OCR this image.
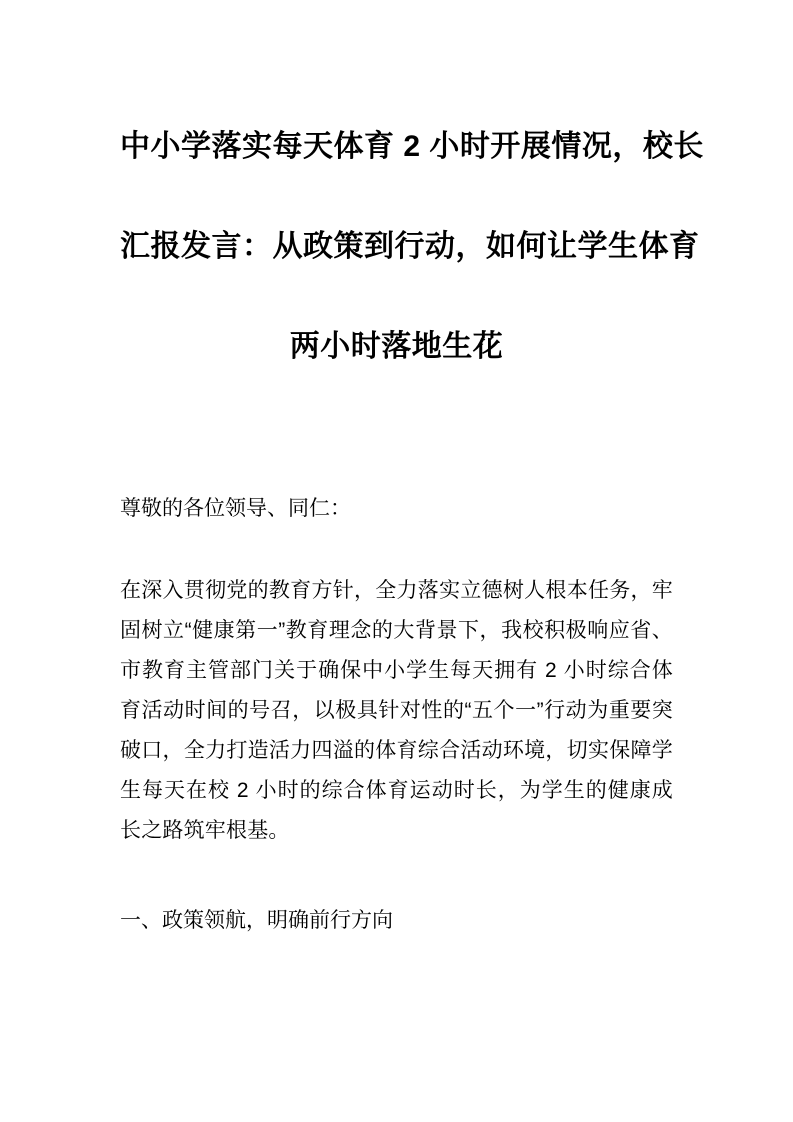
中小学落实每天体育 2 小时开展情况，校长
汇报发言：从政策到行动，如何让学生体育
两小时落地生花

尊敬的各位领导、同仁：

在深入贯彻党的教育方针，全力落实立德树人根本任务，牢固树立“健康第一”教育理念的大背景下，我校积极响应省、市教育主管部门关于确保中小学生每天拥有 2 小时综合体育活动时间的号召，以极具针对性的“五个一”行动为重要突破口，全力打造活力四溢的体育综合活动环境，切实保障学生每天在校 2 小时的综合体育运动时长，为学生的健康成长之路筑牢根基。

一、政策领航，明确前行方向
